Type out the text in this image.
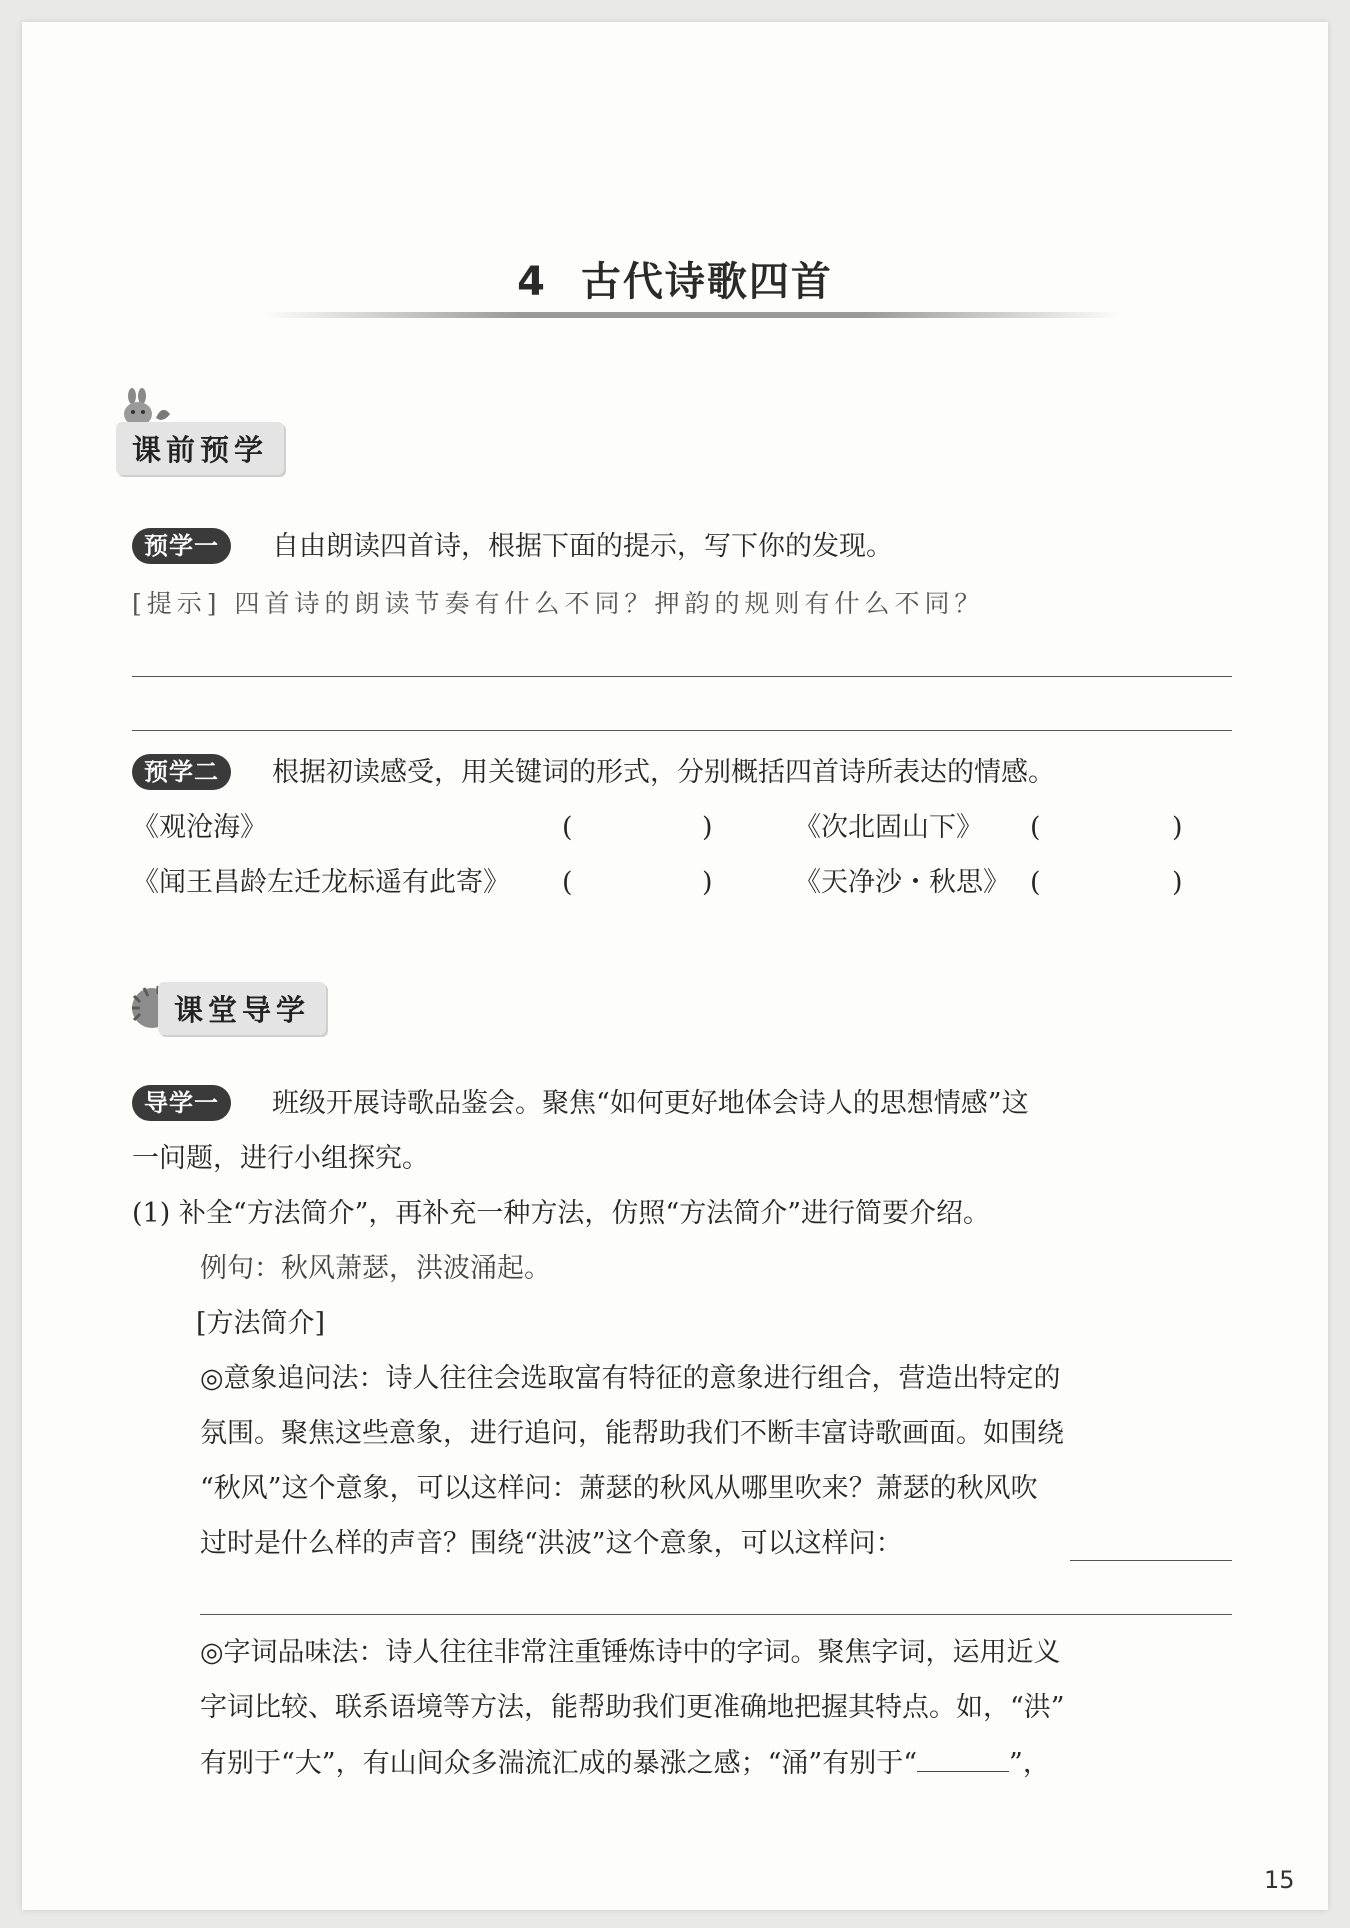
4 古代诗歌四首
课前预学
预学一	自由朗读四首诗，根据下面的提示，写下你的发现。
[提示] 四首诗的朗读节奏有什么不同？押韵的规则有什么不同？
预学二	根据初读感受，用关键词的形式，分别概括四首诗所表达的情感。
《观沧海》	(	)	《次北固山下》 (	)
《闻王昌龄左迁龙标遥有此寄》 (	)	《天净沙・秋思》 (	)
课堂导学
导学一	班级开展诗歌品鉴会。聚焦“如何更好地体会诗人的思想情感”这
一问题，进行小组探究。
(1) 补全“方法简介”，再补充一种方法，仿照“方法简介”进行简要介绍。
例句：秋风萧瑟，洪波涌起。
[方法简介]
◎意象追问法：诗人往往会选取富有特征的意象进行组合，营造出特定的
氛围。聚焦这些意象，进行追问，能帮助我们不断丰富诗歌画面。如围绕
“秋风”这个意象，可以这样问：萧瑟的秋风从哪里吹来？萧瑟的秋风吹
过时是什么样的声音？围绕“洪波”这个意象，可以这样问：
◎字词品味法：诗人往往非常注重锤炼诗中的字词。聚焦字词，运用近义
字词比较、联系语境等方法，能帮助我们更准确地把握其特点。如，“洪”
有别于“大”，有山间众多湍流汇成的暴涨之感；“涌”有别于“	”，
15
